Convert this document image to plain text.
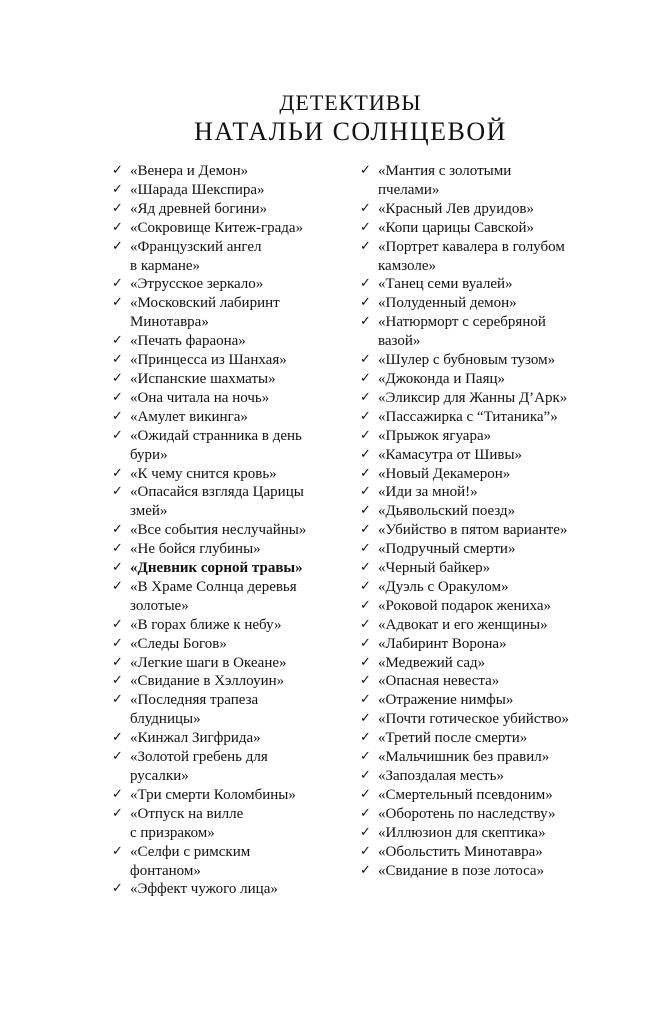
ДЕТЕКТИВЫ
НАТАЛЬИ СОЛНЦЕВОЙ
✓ «Венера и Демон»
✓ «Шарада Шекспира»
✓ «Яд древней богини»
✓ «Сокровище Китеж-града»
✓ «Французский ангел
в кармане»
✓ «Этрусское зеркало»
✓ «Московский лабиринт
Минотавра»
✓ «Печать фараона»
✓ «Принцесса из Шанхая»
✓ «Испанские шахматы»
✓ «Она читала на ночь»
✓ «Амулет викинга»
✓ «Ожидай странника в день
бури»
✓ «К чему снится кровь»
✓ «Опасайся взгляда Царицы
змей»
✓ «Все события неслучайны»
✓ «Не бойся глубины»
✓ «Дневник сорной травы»
✓ «В Храме Солнца деревья
золотые»
✓ «В горах ближе к небу»
✓ «Следы Богов»
✓ «Легкие шаги в Океане»
✓ «Свидание в Хэллоуин»
✓ «Последняя трапеза
блудницы»
✓ «Кинжал Зигфрида»
✓ «Золотой гребень для
русалки»
✓ «Три смерти Коломбины»
✓ «Отпуск на вилле
с призраком»
✓ «Селфи с римским
фонтаном»
✓ «Эффект чужого лица»
✓ «Мантия с золотыми
пчелами»
✓ «Красный Лев друидов»
✓ «Копи царицы Савской»
✓ «Портрет кавалера в голубом
камзоле»
✓ «Танец семи вуалей»
✓ «Полуденный демон»
✓ «Натюрморт с серебряной
вазой»
✓ «Шулер с бубновым тузом»
✓ «Джоконда и Паяц»
✓ «Эликсир для Жанны Д’Арк»
✓ «Пассажирка с “Титаника”»
✓ «Прыжок ягуара»
✓ «Камасутра от Шивы»
✓ «Новый Декамерон»
✓ «Иди за мной!»
✓ «Дьявольский поезд»
✓ «Убийство в пятом варианте»
✓ «Подручный смерти»
✓ «Черный байкер»
✓ «Дуэль с Оракулом»
✓ «Роковой подарок жениха»
✓ «Адвокат и его женщины»
✓ «Лабиринт Ворона»
✓ «Медвежий сад»
✓ «Опасная невеста»
✓ «Отражение нимфы»
✓ «Почти готическое убийство»
✓ «Третий после смерти»
✓ «Мальчишник без правил»
✓ «Запоздалая месть»
✓ «Смертельный псевдоним»
✓ «Оборотень по наследству»
✓ «Иллюзион для скептика»
✓ «Обольстить Минотавра»
✓ «Свидание в позе лотоса»
